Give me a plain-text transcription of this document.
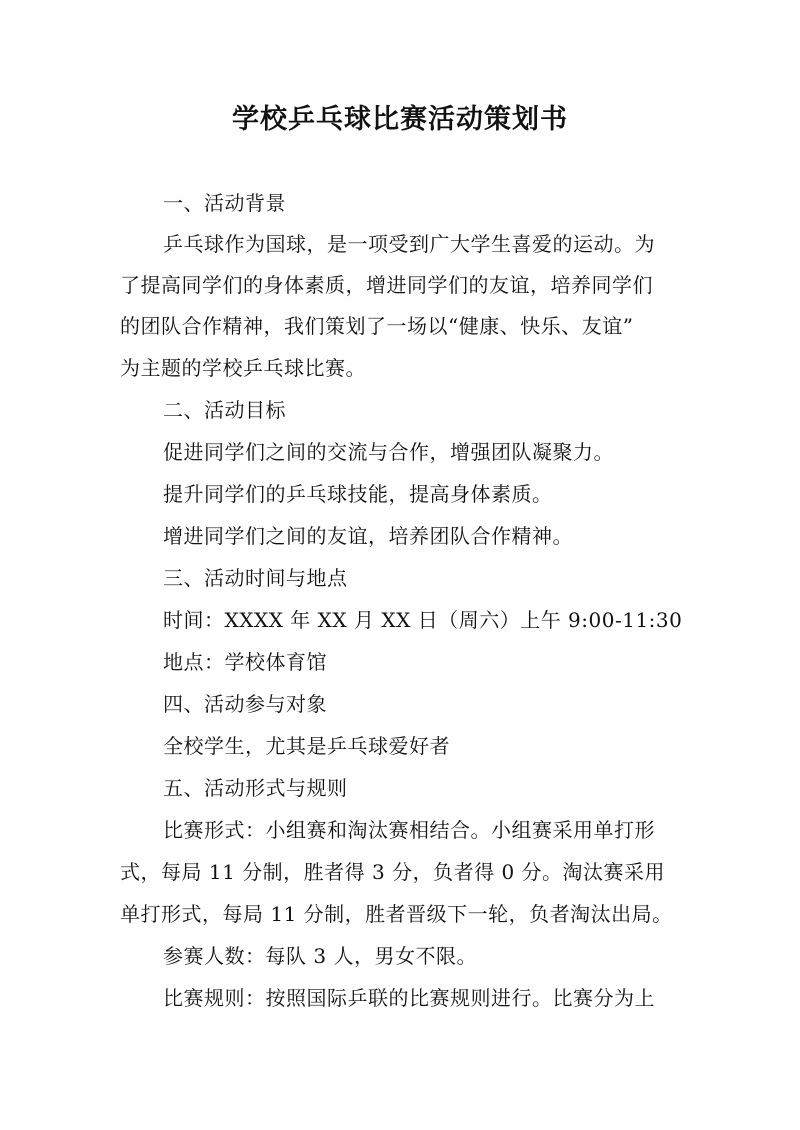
学校乒乓球比赛活动策划书
一、活动背景
乒乓球作为国球，是一项受到广大学生喜爱的运动。为
了提高同学们的身体素质，增进同学们的友谊，培养同学们
的团队合作精神，我们策划了一场以“健康、快乐、友谊”
为主题的学校乒乓球比赛。
二、活动目标
促进同学们之间的交流与合作，增强团队凝聚力。
提升同学们的乒乓球技能，提高身体素质。
增进同学们之间的友谊，培养团队合作精神。
三、活动时间与地点
时间：XXXX 年 XX 月 XX 日（周六）上午 9:00-11:30
地点：学校体育馆
四、活动参与对象
全校学生，尤其是乒乓球爱好者
五、活动形式与规则
比赛形式：小组赛和淘汰赛相结合。小组赛采用单打形
式，每局 11 分制，胜者得 3 分，负者得 0 分。淘汰赛采用
单打形式，每局 11 分制，胜者晋级下一轮，负者淘汰出局。
参赛人数：每队 3 人，男女不限。
比赛规则：按照国际乒联的比赛规则进行。比赛分为上
